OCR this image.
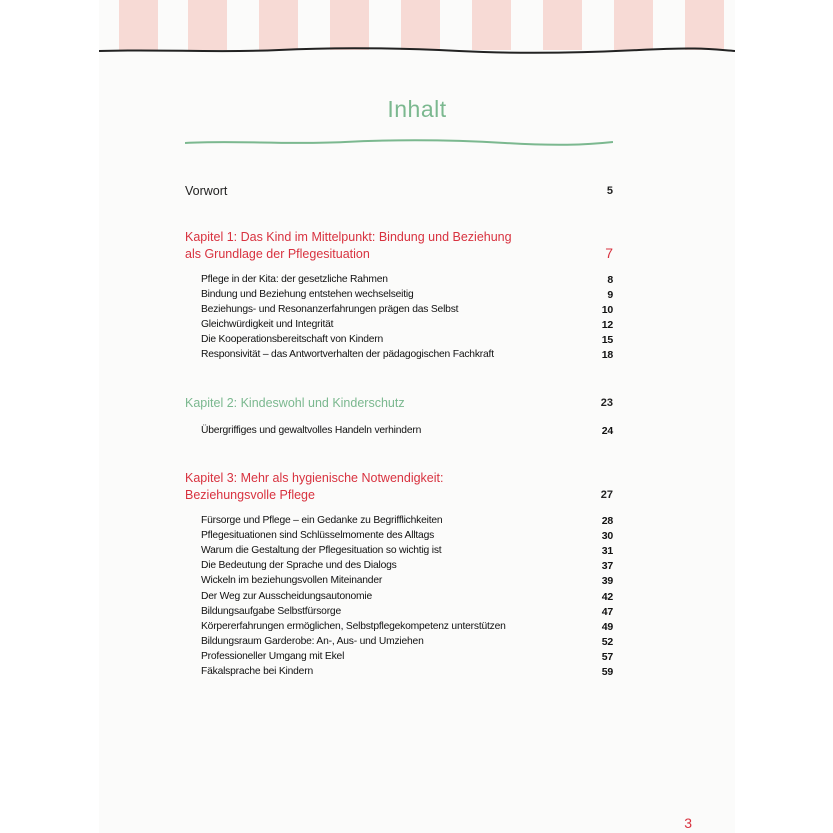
Inhalt
Vorwort	5
Kapitel 1: Das Kind im Mittelpunkt: Bindung und Beziehung
als Grundlage der Pflegesituation	7
Pflege in der Kita: der gesetzliche Rahmen	8
Bindung und Beziehung entstehen wechselseitig	9
Beziehungs- und Resonanzerfahrungen prägen das Selbst	10
Gleichwürdigkeit und Integrität	12
Die Kooperationsbereitschaft von Kindern	15
Responsivität – das Antwortverhalten der pädagogischen Fachkraft	18
Kapitel 2: Kindeswohl und Kinderschutz	23
Übergriffiges und gewaltvolles Handeln verhindern	24
Kapitel 3: Mehr als hygienische Notwendigkeit:
Beziehungsvolle Pflege	27
Fürsorge und Pflege – ein Gedanke zu Begrifflichkeiten	28
Pflegesituationen sind Schlüsselmomente des Alltags	30
Warum die Gestaltung der Pflegesituation so wichtig ist	31
Die Bedeutung der Sprache und des Dialogs	37
Wickeln im beziehungsvollen Miteinander	39
Der Weg zur Ausscheidungsautonomie	42
Bildungsaufgabe Selbstfürsorge	47
Körpererfahrungen ermöglichen, Selbstpflegekompetenz unterstützen	49
Bildungsraum Garderobe: An-, Aus- und Umziehen	52
Professioneller Umgang mit Ekel	57
Fäkalsprache bei Kindern	59
3
